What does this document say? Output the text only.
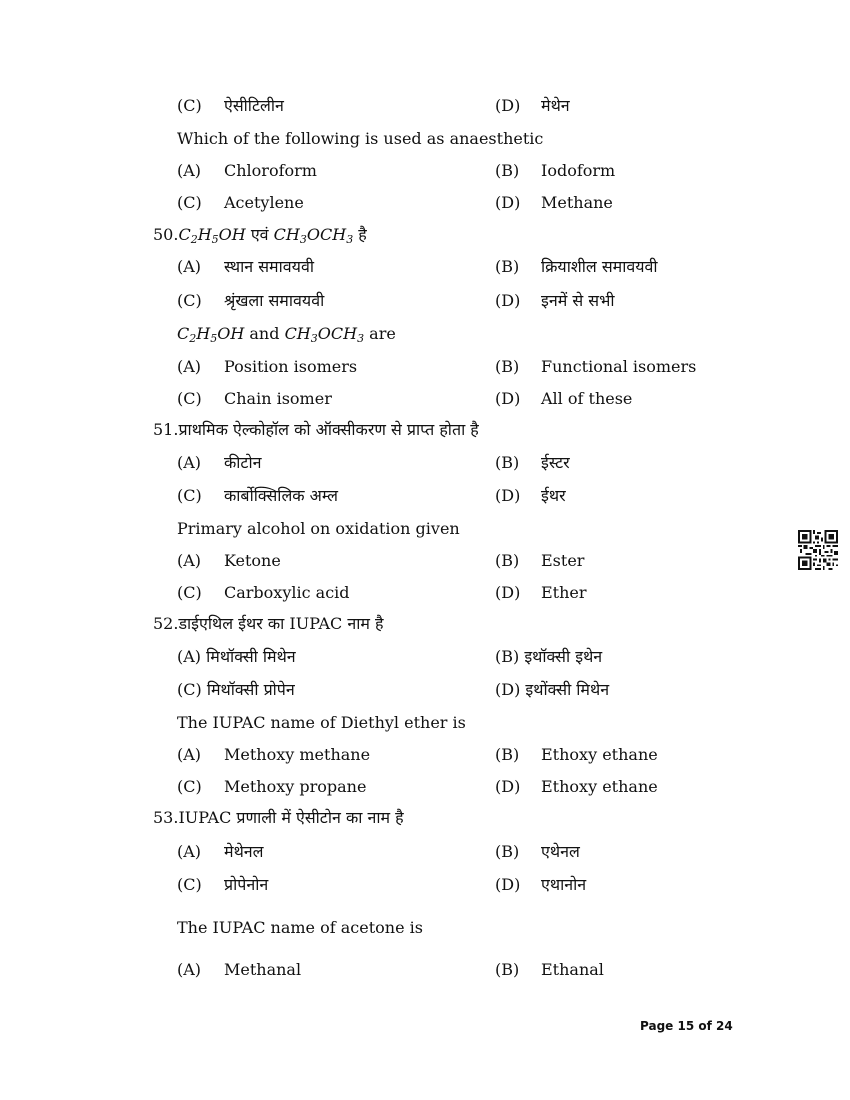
(C) ऐसीटिलीन	(D) मेथेन
Which of the following is used as anaesthetic
(A) Chloroform	(B) Iodoform
(C) Acetylene	(D) Methane
$50.C_2H_5OH$ एवं $CH_3OCH_3$ है
(A) स्थान समावयवी	(B) क्रियाशील समावयवी
(C) श्रृंखला समावयवी	(D) इनमें से सभी
$C_2H_5OH$ and $CH_3OCH_3$ are
(A) Position isomers	(B) Functional isomers
(C) Chain isomer	(D) All of these
51.प्राथमिक ऐल्कोहॉल को ऑक्सीकरण से प्राप्त होता है
(A) कीटोन	(B) ईस्टर
(C) कार्बोक्सिलिक अम्ल	(D) ईथर
Primary alcohol on oxidation given
(A) Ketone	(B) Ester
(C) Carboxylic acid	(D) Ether
52.डाईएथिल ईथर का IUPAC नाम है
(A) मिथॉक्सी मिथेन	(B) इथॉक्सी इथेन
(C) मिथॉक्सी प्रोपेन	(D) इथोंक्सी मिथेन
The IUPAC name of Diethyl ether is
(A) Methoxy methane	(B) Ethoxy ethane
(C) Methoxy propane	(D) Ethoxy ethane
53.IUPAC प्रणाली में ऐसीटोन का नाम है
(A) मेथेनल	(B) एथेनल
(C) प्रोपेनोन	(D) एथानोन
The IUPAC name of acetone is
(A) Methanal	(B) Ethanal
Page 15 of 24
